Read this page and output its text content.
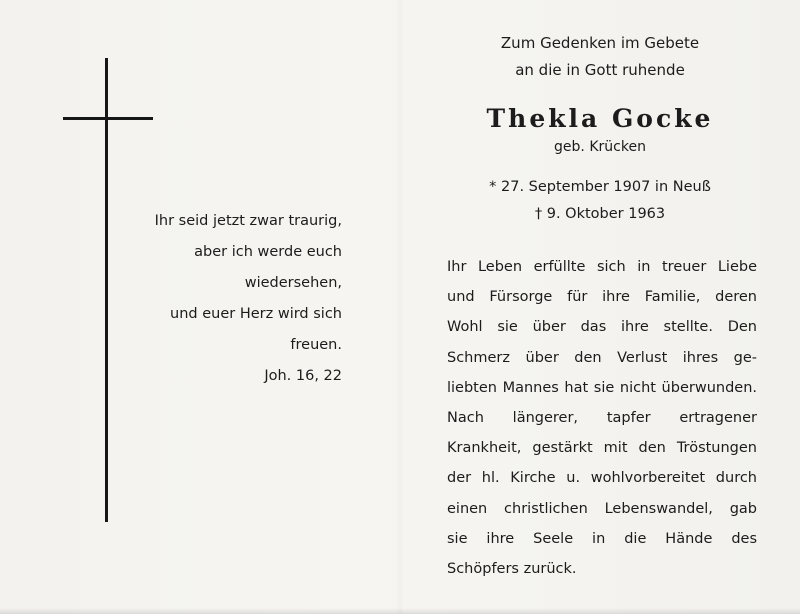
Ihr seid jetzt zwar traurig,
aber ich werde euch
wiedersehen,
und euer Herz wird sich
freuen.
Joh. 16, 22
Zum Gedenken im Gebete
an die in Gott ruhende
Thekla Gocke
geb. Krücken
* 27. September 1907 in Neuß
† 9. Oktober 1963
Ihr Leben erfüllte sich in treuer Liebe
und Fürsorge für ihre Familie, deren
Wohl sie über das ihre stellte. Den
Schmerz über den Verlust ihres ge-
liebten Mannes hat sie nicht überwunden.
Nach längerer, tapfer ertragener
Krankheit, gestärkt mit den Tröstungen
der hl. Kirche u. wohlvorbereitet durch
einen christlichen Lebenswandel, gab
sie ihre Seele in die Hände des
Schöpfers zurück.
